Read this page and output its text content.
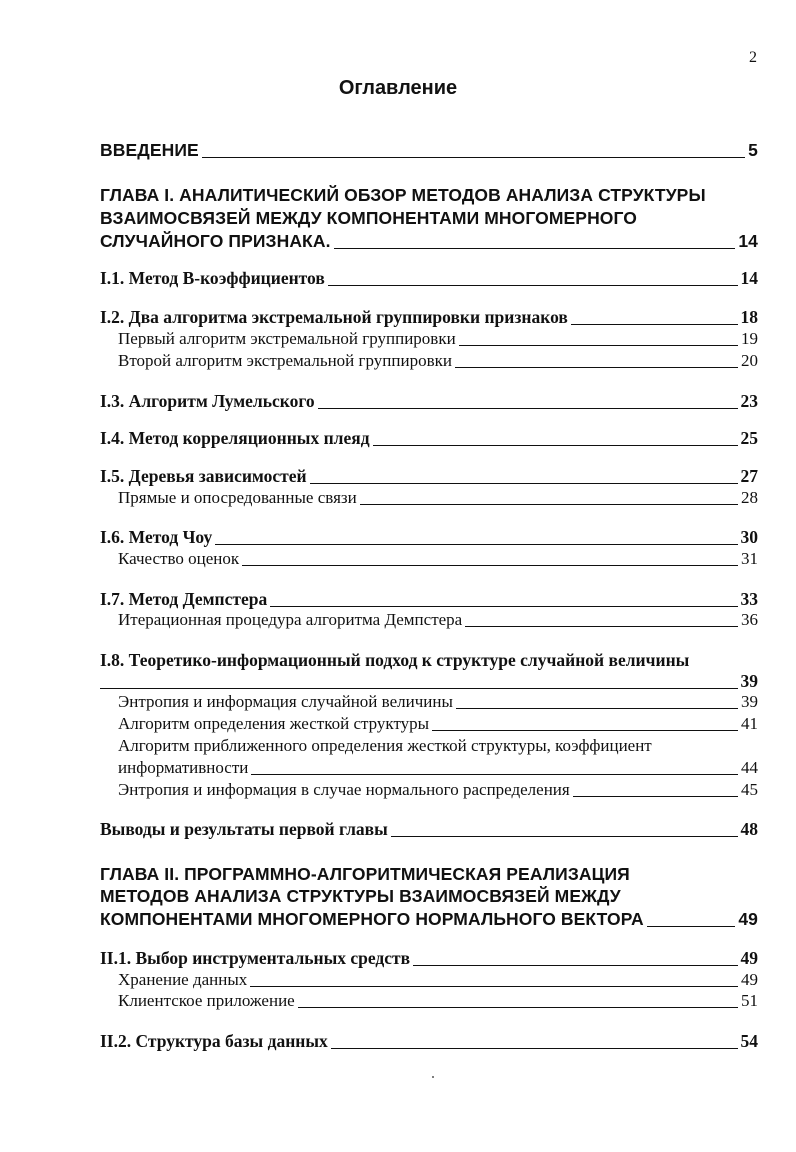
2
Оглавление
ВВЕДЕНИЕ	5
ГЛАВА I. АНАЛИТИЧЕСКИЙ ОБЗОР МЕТОДОВ АНАЛИЗА СТРУКТУРЫ
ВЗАИМОСВЯЗЕЙ МЕЖДУ КОМПОНЕНТАМИ МНОГОМЕРНОГО
СЛУЧАЙНОГО ПРИЗНАКА.	14
I.1. Метод В-коэффициентов	14
I.2. Два алгоритма экстремальной группировки признаков	18
Первый алгоритм экстремальной группировки	19
Второй алгоритм экстремальной группировки	20
I.3. Алгоритм Лумельского	23
I.4. Метод корреляционных плеяд	25
I.5. Деревья зависимостей	27
Прямые и опосредованные связи	28
I.6. Метод Чоу	30
Качество оценок	31
I.7. Метод Демпстера	33
Итерационная процедура алгоритма Демпстера	36
I.8. Теоретико-информационный подход к структуре случайной величины
39
Энтропия и информация случайной величины	39
Алгоритм определения жесткой структуры	41
Алгоритм приближенного определения жесткой структуры, коэффициент
информативности	44
Энтропия и информация в случае нормального распределения	45
Выводы и результаты первой главы	48
ГЛАВА II. ПРОГРАММНО-АЛГОРИТМИЧЕСКАЯ РЕАЛИЗАЦИЯ
МЕТОДОВ АНАЛИЗА СТРУКТУРЫ ВЗАИМОСВЯЗЕЙ МЕЖДУ
КОМПОНЕНТАМИ МНОГОМЕРНОГО НОРМАЛЬНОГО ВЕКТОРА	49
II.1. Выбор инструментальных средств	49
Хранение данных	49
Клиентское приложение	51
II.2. Структура базы данных	54
